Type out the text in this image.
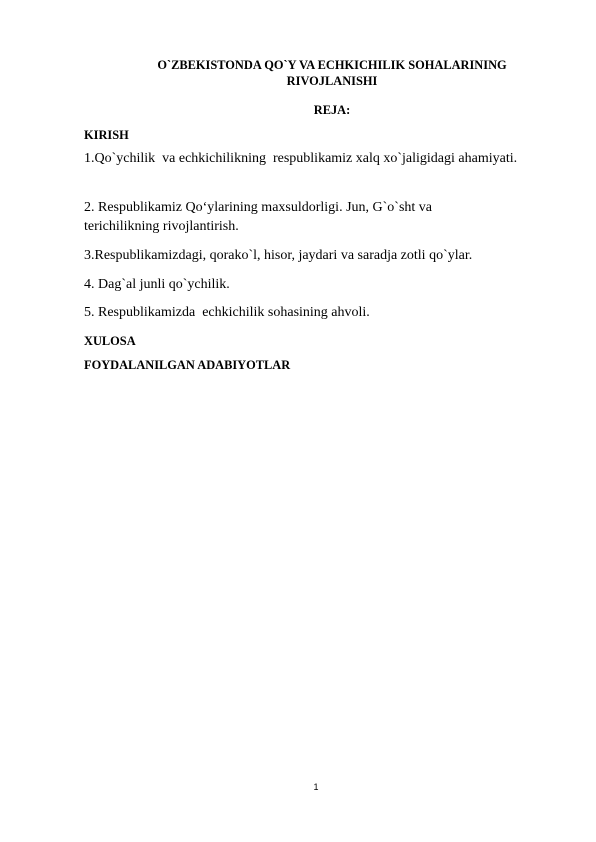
O`ZBEKISTONDA QO`Y VA ECHKICHILIK SOHALARINING
RIVOJLANISHI
REJA:
KIRISH
1.Qo`ychilik  va echkichilikning  respublikamiz xalq xo`jaligidagi ahamiyati.
2. Respublikamiz Qo‘ylarining maxsuldorligi. Jun, G`o`sht va terichilikning rivojlantirish.
3.Respublikamizdagi, qorako`l, hisor, jaydari va saradja zotli qo`ylar.
4. Dag`al junli qo`ychilik.
5. Respublikamizda  echkichilik sohasining ahvoli.
XULOSA
FOYDALANILGAN ADABIYOTLAR
1
